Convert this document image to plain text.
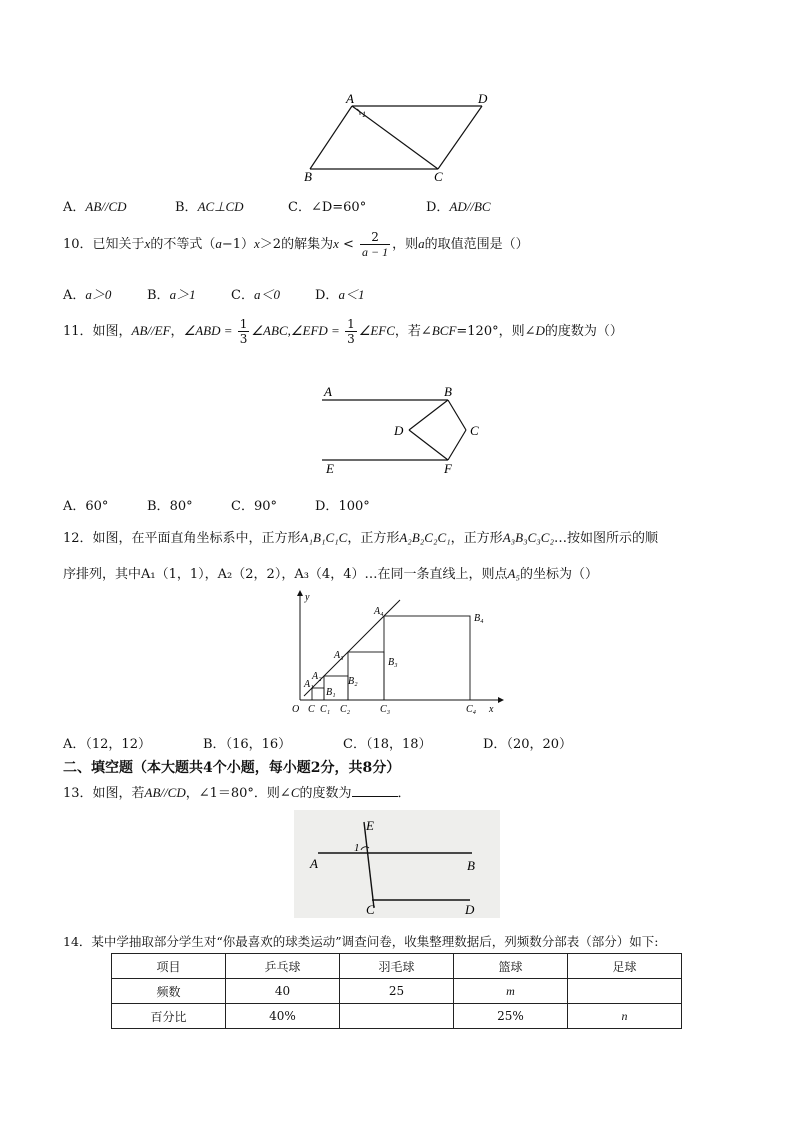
A	D
B	C
1
A．AB//CD	B．AC⊥CD	C．∠D=60°	D．AD//BC
10．已知关于x的不等式（a−1）x＞2的解集为$x < \frac{2}{a - 1}$ ，则a的取值范围是（）
A．a＞0	B．a＞1	C．a＜0	D．a＜1
11．如图，AB//EF，∠ABD = $\frac{1}{3}$ ∠ABC,∠EFD = $\frac{1}{3}$ ∠EFC，若∠BCF=120°，则∠D的度数为（）
A	B
C
D
E	F
A．60°	B．80°	C．90°	D．100°
12．如图，在平面直角坐标系中，正方形A₁B₁C₁C，正方形A₂B₂C₂C₁，正方形A₃B₃C₃C₂…按如图所示的顺
序排列，其中A₁（1，1），A₂（2，2），A₃（4，4）…在同一条直线上，则点A₅的坐标为（）
y
x
O C C₁ C₂	C₃	C₄
A₁
A₂
A₃
A₄
B₁
B₂
B₃
B₄
A．（12，12）	B．（16，16）	C．（18，18）	D．（20，20）
二、填空题（本大题共4个小题，每小题2分，共8分）
13．如图，若AB//CD，∠1＝80°．则∠C的度数为	．
E
1
A	B
C	D
14．某中学抽取部分学生对“你最喜欢的球类运动”调查问卷，收集整理数据后，列频数分部表（部分）如下:
项目	乒乓球	羽毛球	篮球	足球
频数	40	25	m	
百分比	40%		25%	n
